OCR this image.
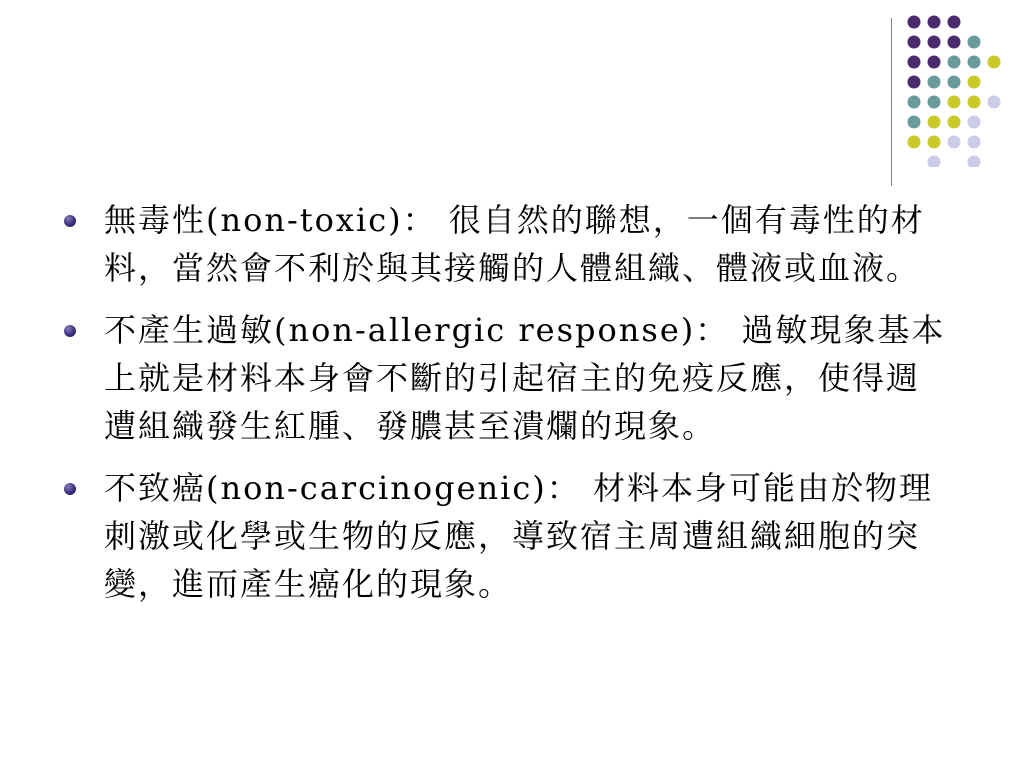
無毒性(non-toxic)： 很自然的聯想，一個有毒性的材料，當然會不利於與其接觸的人體組織、體液或血液。
不產生過敏(non-allergic response)： 過敏現象基本上就是材料本身會不斷的引起宿主的免疫反應，使得週遭組織發生紅腫、發膿甚至潰爛的現象。
不致癌(non-carcinogenic)： 材料本身可能由於物理刺激或化學或生物的反應，導致宿主周遭組織細胞的突變，進而產生癌化的現象。
